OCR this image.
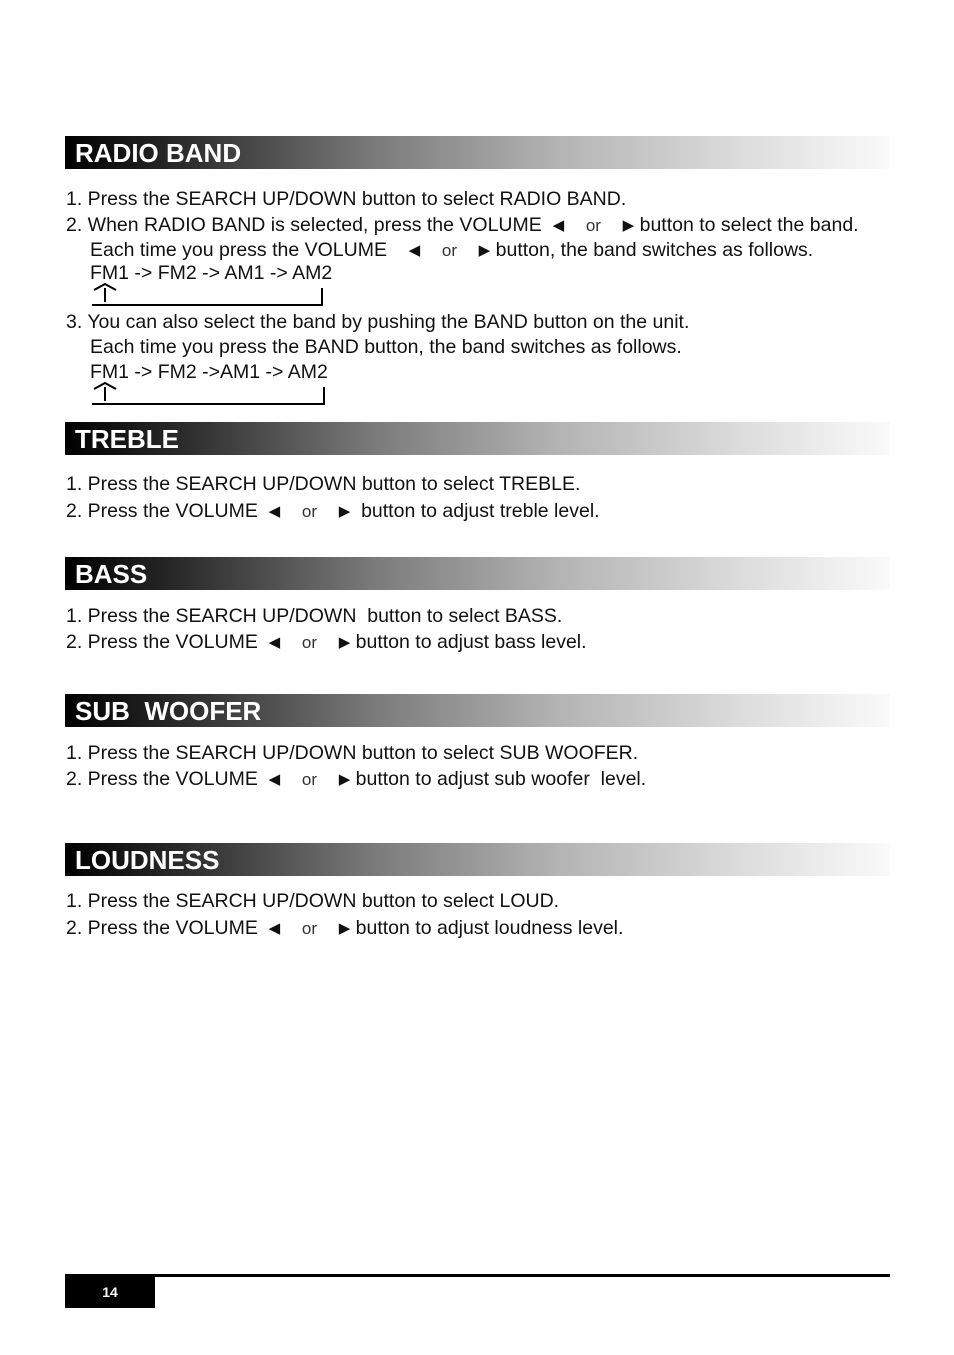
RADIO BAND
1. Press the SEARCH UP/DOWN button to select RADIO BAND.
2. When RADIO BAND is selected, press the VOLUME ◀ or ▶ button to select the band.
Each time you press the VOLUME ◀ or ▶ button, the band switches as follows.
FM1 -> FM2 -> AM1 -> AM2
3. You can also select the band by pushing the BAND button on the unit.
Each time you press the BAND button, the band switches as follows.
FM1 -> FM2 ->AM1 -> AM2
TREBLE
1. Press the SEARCH UP/DOWN button to select TREBLE.
2. Press the VOLUME ◀ or ▶ button to adjust treble level.
BASS
1. Press the SEARCH UP/DOWN  button to select BASS.
2. Press the VOLUME ◀ or ▶ button to adjust bass level.
SUB  WOOFER
1. Press the SEARCH UP/DOWN button to select SUB WOOFER.
2. Press the VOLUME ◀ or ▶ button to adjust sub woofer  level.
LOUDNESS
1. Press the SEARCH UP/DOWN button to select LOUD.
2. Press the VOLUME ◀ or ▶ button to adjust loudness level.
14
